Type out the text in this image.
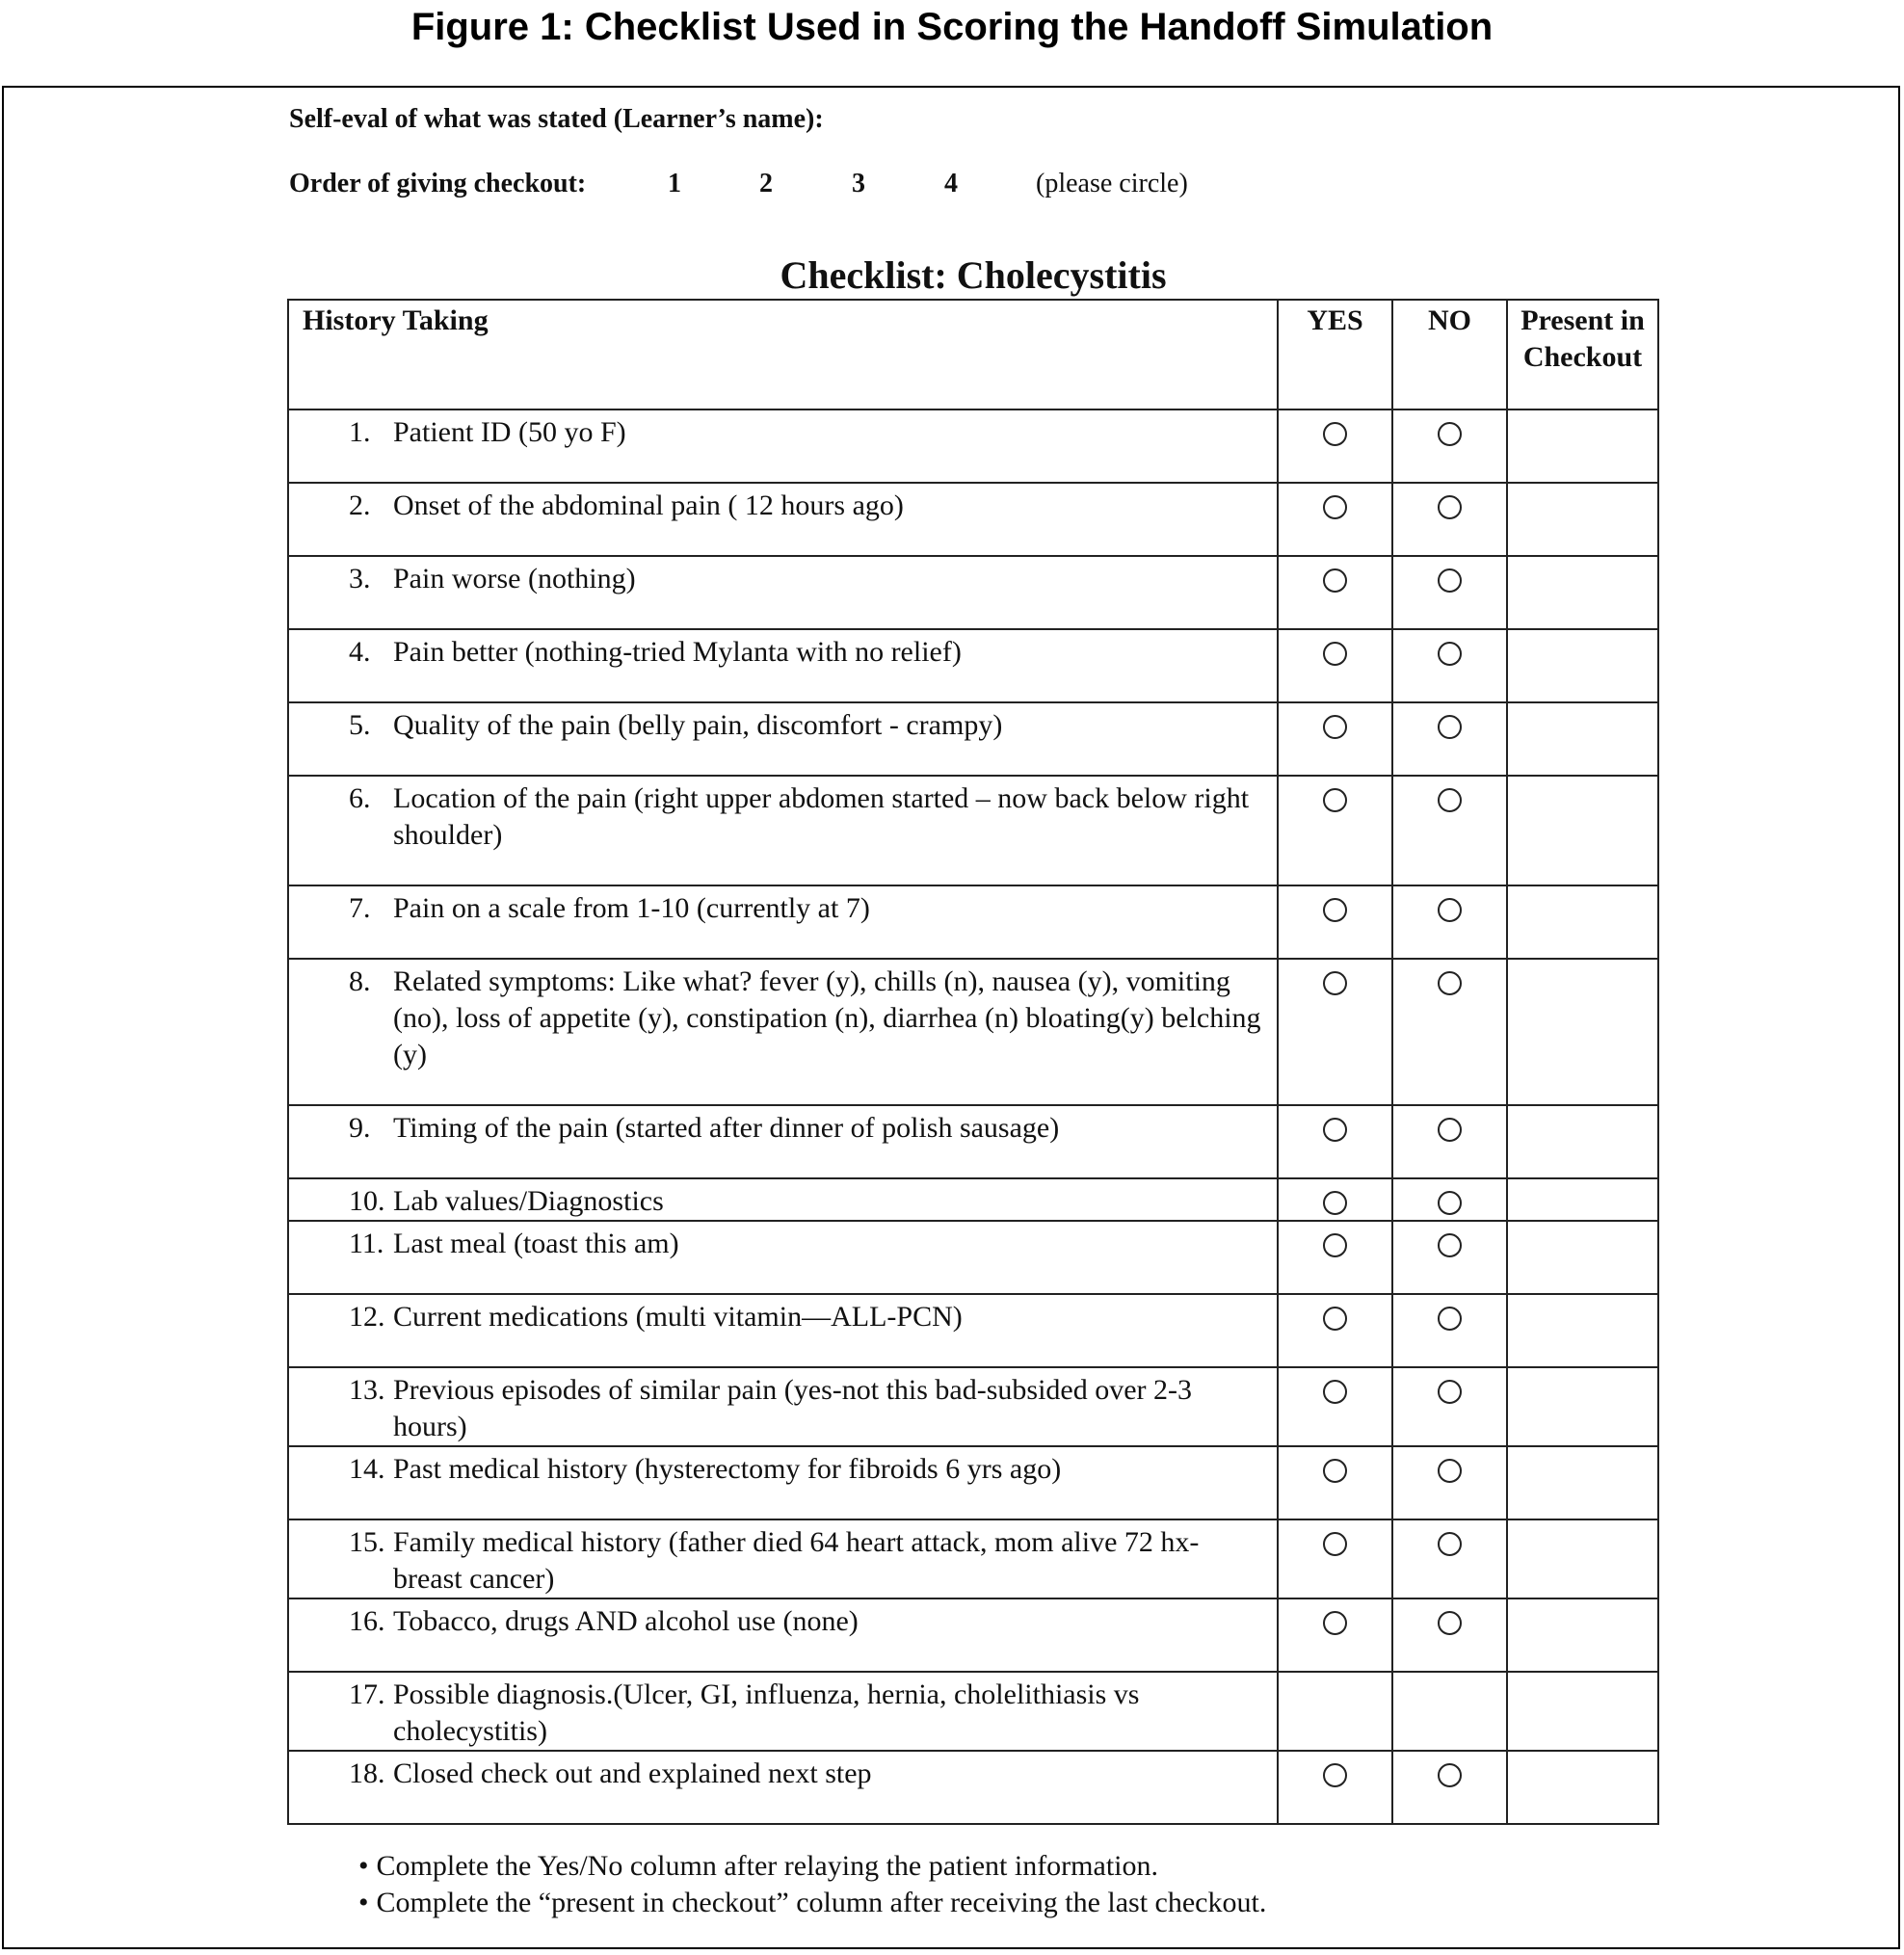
Figure 1: Checklist Used in Scoring the Handoff Simulation
Self-eval of what was stated (Learner’s name):
Order of giving checkout:	1	2	3	4	(please circle)
Checklist: Cholecystitis
History Taking	YES	NO	Present in Checkout

1. Patient ID (50 yo F)			

2. Onset of the abdominal pain ( 12 hours ago)			

3. Pain worse (nothing)			

4. Pain better (nothing-tried Mylanta with no relief)			

5. Quality of the pain (belly pain, discomfort - crampy)			

6. Location of the pain (right upper abdomen started – now back below right shoulder)			

7. Pain on a scale from 1-10 (currently at 7)			

8. Related symptoms: Like what? fever (y), chills (n), nausea (y), vomiting (no), loss of appetite (y), constipation (n), diarrhea (n) bloating(y) belching (y)			

9. Timing of the pain (started after dinner of polish sausage)			

10. Lab values/Diagnostics			

11. Last meal (toast this am)			

12. Current medications (multi vitamin—ALL-PCN)			

13. Previous episodes of similar pain (yes-not this bad-subsided over 2-3 hours)			

14. Past medical history (hysterectomy for fibroids 6 yrs ago)			

15. Family medical history (father died 64 heart attack, mom alive 72 hx-breast cancer)			

16. Tobacco, drugs AND alcohol use (none)			

17. Possible diagnosis.(Ulcer, GI, influenza, hernia, cholelithiasis vs cholecystitis)			

18. Closed check out and explained next step			

• Complete the Yes/No column after relaying the patient information.
• Complete the “present in checkout” column after receiving the last checkout.
